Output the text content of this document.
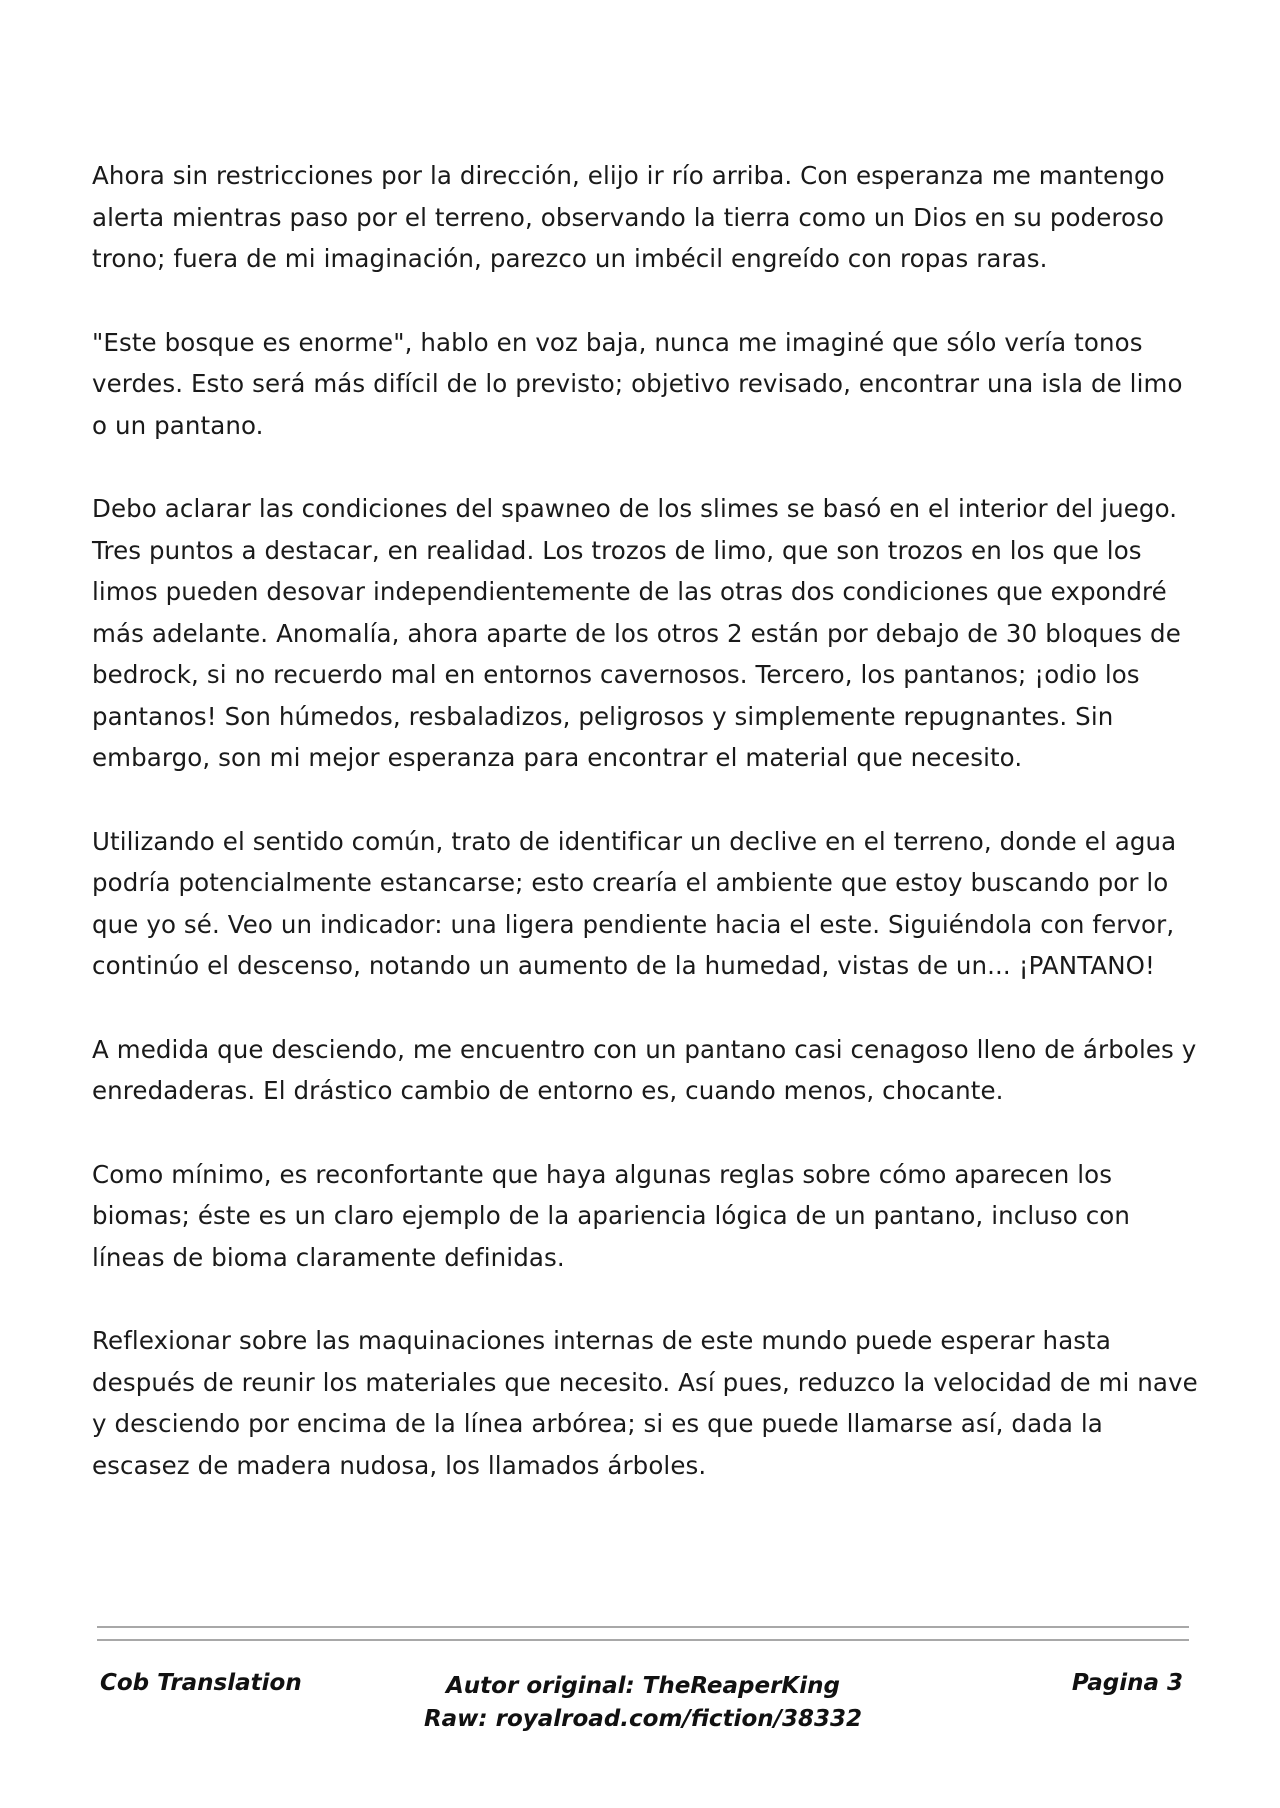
Ahora sin restricciones por la dirección, elijo ir río arriba. Con esperanza me mantengo alerta mientras paso por el terreno, observando la tierra como un Dios en su poderoso trono; fuera de mi imaginación, parezco un imbécil engreído con ropas raras.

"Este bosque es enorme", hablo en voz baja, nunca me imaginé que sólo vería tonos verdes. Esto será más difícil de lo previsto; objetivo revisado, encontrar una isla de limo o un pantano.

Debo aclarar las condiciones del spawneo de los slimes se basó en el interior del juego. Tres puntos a destacar, en realidad. Los trozos de limo, que son trozos en los que los limos pueden desovar independientemente de las otras dos condiciones que expondré más adelante. Anomalía, ahora aparte de los otros 2 están por debajo de 30 bloques de bedrock, si no recuerdo mal en entornos cavernosos. Tercero, los pantanos; ¡odio los pantanos! Son húmedos, resbaladizos, peligrosos y simplemente repugnantes. Sin embargo, son mi mejor esperanza para encontrar el material que necesito.

Utilizando el sentido común, trato de identificar un declive en el terreno, donde el agua podría potencialmente estancarse; esto crearía el ambiente que estoy buscando por lo que yo sé. Veo un indicador: una ligera pendiente hacia el este. Siguiéndola con fervor, continúo el descenso, notando un aumento de la humedad, vistas de un... ¡PANTANO!

A medida que desciendo, me encuentro con un pantano casi cenagoso lleno de árboles y enredaderas. El drástico cambio de entorno es, cuando menos, chocante.

Como mínimo, es reconfortante que haya algunas reglas sobre cómo aparecen los biomas; éste es un claro ejemplo de la apariencia lógica de un pantano, incluso con líneas de bioma claramente definidas.

Reflexionar sobre las maquinaciones internas de este mundo puede esperar hasta después de reunir los materiales que necesito. Así pues, reduzco la velocidad de mi nave y desciendo por encima de la línea arbórea; si es que puede llamarse así, dada la escasez de madera nudosa, los llamados árboles.

Cob Translation	Autor original: TheReaperKing
Raw: royalroad.com/fiction/38332
Pagina 3
